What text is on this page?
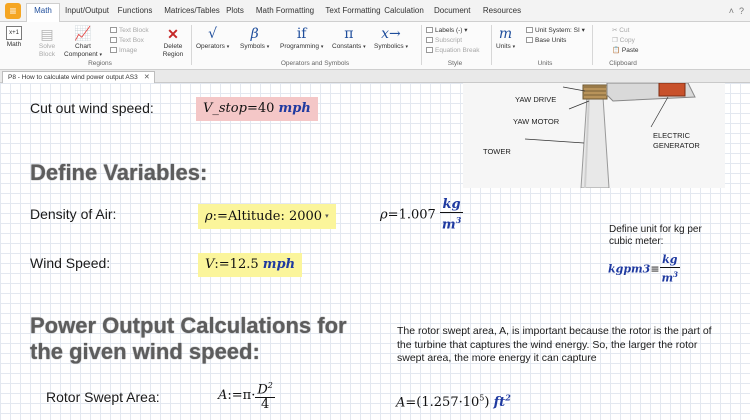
≡	Math	Input/Output	Functions	Matrices/Tables Plots Math Formatting	Text Formatting Calculation Document Resources	˄ ?
x+1
Math
▤
Solve Block
📈
Chart Component ▾
Text Block
Text Box
Image
✕
Delete Region
Regions
√
Operators ▾
β
Symbols ▾
if
Programming ▾
π
Constants ▾
x→
Symbolics ▾
Operators and Symbols
Labels (-) ▾
Subscript
Equation Break
Style
m
Units ▾
Unit System: SI ▾
Base Units
Units
✂ Cut
❐ Copy
📋 Paste
Clipboard
P8 - How to calculate wind power output AS3 ✕
Cut out wind speed:	V_stop=40 mph
Define Variables:
Density of Air:	ρ:=Altitude: 2000 ▾	$\rho=1.007 \frac{kg}{m^3}$	Define unit for kg per cubic meter:
kgpm3≡ $\frac{kg}{m^3}$
Wind Speed:	V:=12.5 mph
Power Output Calculations for
the given wind speed:
The rotor swept area, A, is important because the rotor is the part of the turbine that captures the wind energy. So, the larger the rotor swept area, the more energy it can capture
Rotor Swept Area:	A:=π· $\frac{D^2}{4}$	$A=(1.257\cdot 10^5)$ $ft^2$
YAW DRIVE
YAW MOTOR
TOWER
ELECTRIC
GENERATOR
